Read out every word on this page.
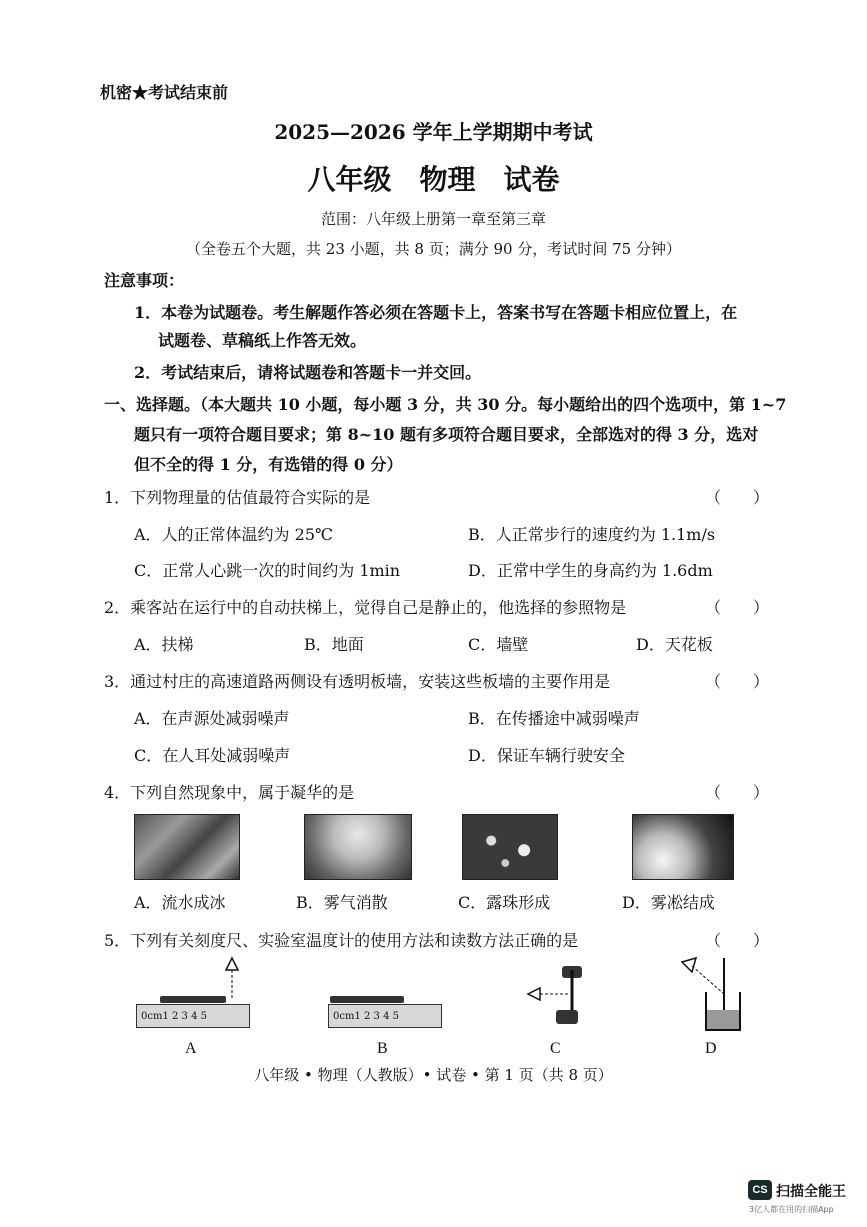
机密★考试结束前
2025—2026 学年上学期期中考试
八年级　物理　试卷
范围：八年级上册第一章至第三章
（全卷五个大题，共 23 小题，共 8 页；满分 90 分，考试时间 75 分钟）
注意事项：
1．本卷为试题卷。考生解题作答必须在答题卡上，答案书写在答题卡相应位置上，在
试题卷、草稿纸上作答无效。
2．考试结束后，请将试题卷和答题卡一并交回。
一、选择题。（本大题共 10 小题，每小题 3 分，共 30 分。每小题给出的四个选项中，第 1~7
题只有一项符合题目要求；第 8~10 题有多项符合题目要求，全部选对的得 3 分，选对
但不全的得 1 分，有选错的得 0 分）
1．下列物理量的估值最符合实际的是	（　　）
A．人的正常体温约为 25℃	B．人正常步行的速度约为 1.1m/s
C．正常人心跳一次的时间约为 1min	D．正常中学生的身高约为 1.6dm
2．乘客站在运行中的自动扶梯上，觉得自己是静止的，他选择的参照物是	（　　）
A．扶梯	B．地面	C．墙壁	D．天花板
3．通过村庄的高速道路两侧设有透明板墙，安装这些板墙的主要作用是	（　　）
A．在声源处减弱噪声	B．在传播途中减弱噪声
C．在人耳处减弱噪声	D．保证车辆行驶安全
4．下列自然现象中，属于凝华的是	（　　）
A．流水成冰	B．雾气消散	C．露珠形成	D．雾凇结成
5．下列有关刻度尺、实验室温度计的使用方法和读数方法正确的是	（　　）
0cm1 2 3 4 5
A
0cm1 2 3 4 5
B	C	D
八年级 • 物理（人教版）• 试卷 • 第 1 页（共 8 页）
CS 扫描全能王
3亿人都在用的扫描App
